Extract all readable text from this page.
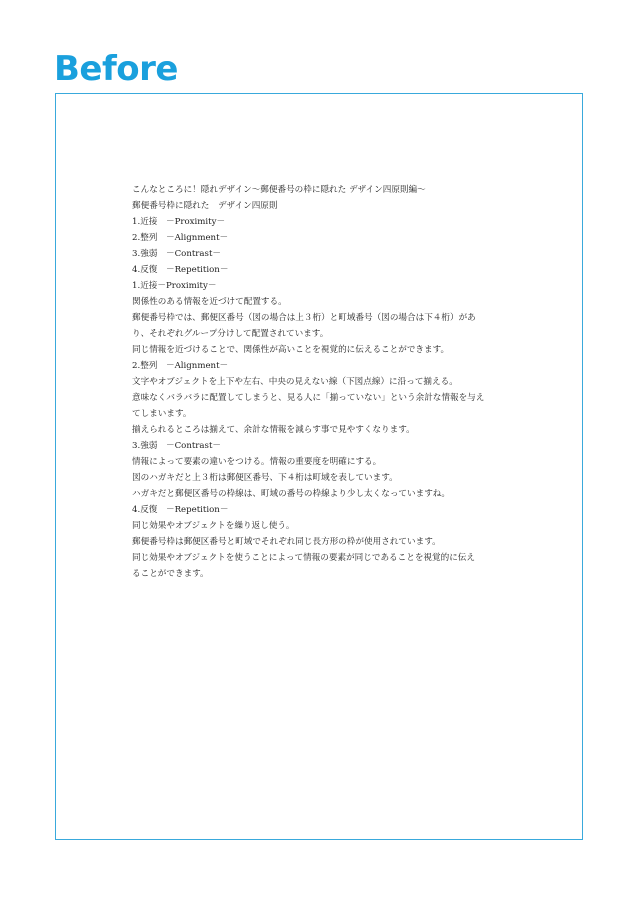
Before
こんなところに！隠れデザイン〜郵便番号の枠に隠れた デザイン四原則編〜
郵便番号枠に隠れた　デザイン四原則
1.近接　－Proximity－
2.整列　－Alignment－
3.強弱　－Contrast－
4.反復　－Repetition－
1.近接－Proximity－
関係性のある情報を近づけて配置する。
郵便番号枠では、郵便区番号（図の場合は上３桁）と町域番号（図の場合は下４桁）があ
り、それぞれグループ分けして配置されています。
同じ情報を近づけることで、関係性が高いことを視覚的に伝えることができます。
2.整列　－Alignment－
文字やオブジェクトを上下や左右、中央の見えない線（下図点線）に沿って揃える。
意味なくバラバラに配置してしまうと、見る人に「揃っていない」という余計な情報を与え
てしまいます。
揃えられるところは揃えて、余計な情報を減らす事で見やすくなります。
3.強弱　－Contrast－
情報によって要素の違いをつける。情報の重要度を明確にする。
図のハガキだと上３桁は郵便区番号、下４桁は町域を表しています。
ハガキだと郵便区番号の枠線は、町域の番号の枠線より少し太くなっていますね。
4.反復　－Repetition－
同じ効果やオブジェクトを繰り返し使う。
郵便番号枠は郵便区番号と町域でそれぞれ同じ長方形の枠が使用されています。
同じ効果やオブジェクトを使うことによって情報の要素が同じであることを視覚的に伝え
ることができます。
